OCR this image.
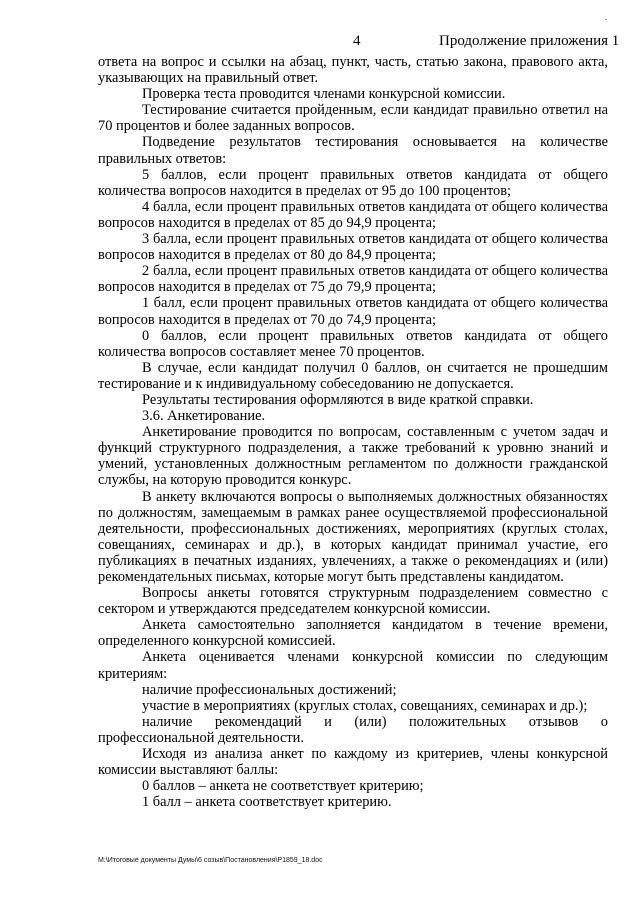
.
4	Продолжение приложения 1

ответа на вопрос и ссылки на абзац, пункт, часть, статью закона, правового акта, указывающих на правильный ответ.

Проверка теста проводится членами конкурсной комиссии.

Тестирование считается пройденным, если кандидат правильно ответил на 70 процентов и более заданных вопросов.

Подведение результатов тестирования основывается на количестве правильных ответов:

5 баллов, если процент правильных ответов кандидата от общего количества вопросов находится в пределах от 95 до 100 процентов;

4 балла, если процент правильных ответов кандидата от общего количества вопросов находится в пределах от 85 до 94,9 процента;

3 балла, если процент правильных ответов кандидата от общего количества вопросов находится в пределах от 80 до 84,9 процента;

2 балла, если процент правильных ответов кандидата от общего количества вопросов находится в пределах от 75 до 79,9 процента;

1 балл, если процент правильных ответов кандидата от общего количества вопросов находится в пределах от 70 до 74,9 процента;

0 баллов, если процент правильных ответов кандидата от общего количества вопросов составляет менее 70 процентов.

В случае, если кандидат получил 0 баллов, он считается не прошедшим тестирование и к индивидуальному собеседованию не допускается.

Результаты тестирования оформляются в виде краткой справки.

3.6. Анкетирование.

Анкетирование проводится по вопросам, составленным с учетом задач и функций структурного подразделения, а также требований к уровню знаний и умений, установленных должностным регламентом по должности гражданской службы, на которую проводится конкурс.

В анкету включаются вопросы о выполняемых должностных обязанностях по должностям, замещаемым в рамках ранее осуществляемой профессиональной деятельности, профессиональных достижениях, мероприятиях (круглых столах, совещаниях, семинарах и др.), в которых кандидат принимал участие, его публикациях в печатных изданиях, увлечениях, а также о рекомендациях и (или) рекомендательных письмах, которые могут быть представлены кандидатом.

Вопросы анкеты готовятся структурным подразделением совместно с сектором и утверждаются председателем конкурсной комиссии.

Анкета самостоятельно заполняется кандидатом в течение времени, определенного конкурсной комиссией.

Анкета оценивается членами конкурсной комиссии по следующим критериям:

наличие профессиональных достижений;

участие в мероприятиях (круглых столах, совещаниях, семинарах и др.);

наличие рекомендаций и (или) положительных отзывов о профессиональной деятельности.

Исходя из анализа анкет по каждому из критериев, члены конкурсной комиссии выставляют баллы:

0 баллов – анкета не соответствует критерию;

1 балл – анкета соответствует критерию.

M:\Итоговые документы Думы\6 созыв\Постановления\P1859_18.doc
